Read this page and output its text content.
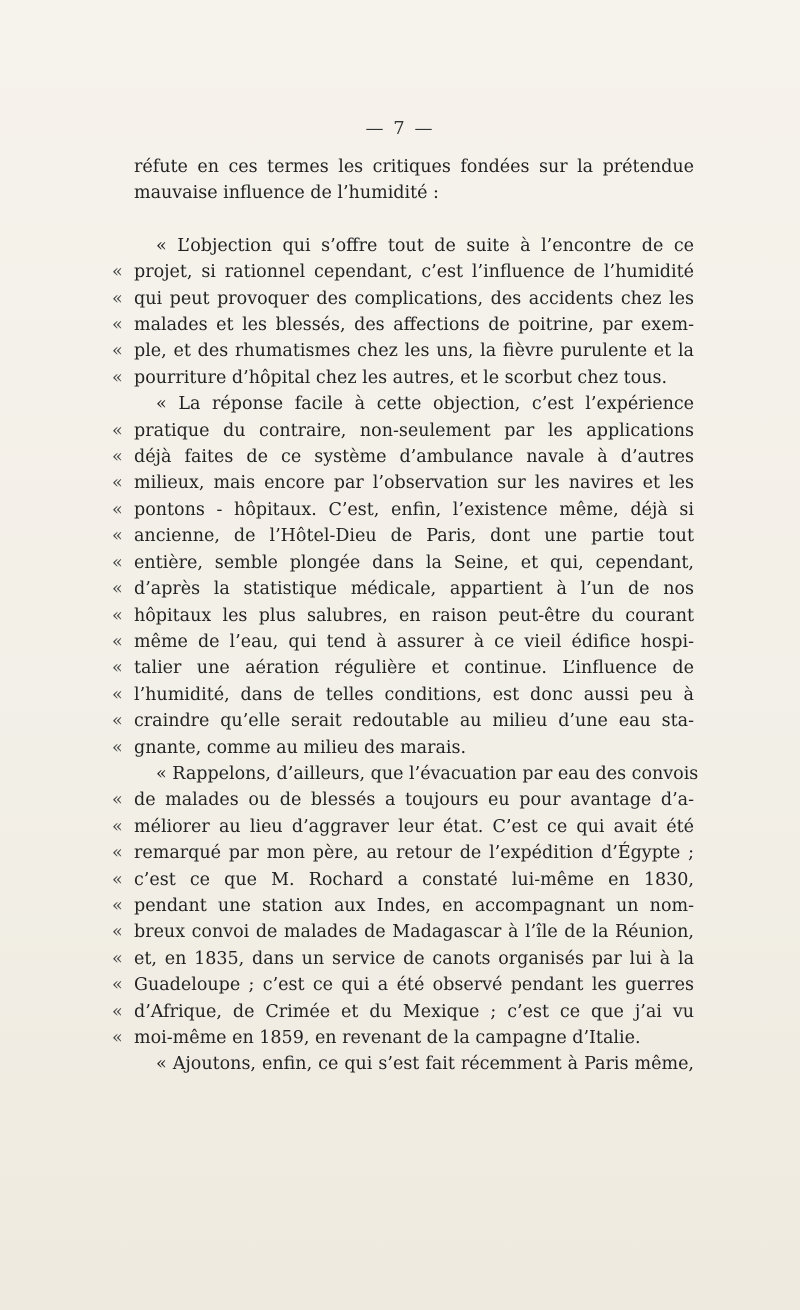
— 7 —
réfute en ces termes les critiques fondées sur la prétendue
mauvaise influence de l’humidité :
« L’objection qui s’offre tout de suite à l’encontre de ce
« projet, si rationnel cependant, c’est l’influence de l’humidité
« qui peut provoquer des complications, des accidents chez les
« malades et les blessés, des affections de poitrine, par exem-
« ple, et des rhumatismes chez les uns, la fièvre purulente et la
« pourriture d’hôpital chez les autres, et le scorbut chez tous.
« La réponse facile à cette objection, c’est l’expérience
« pratique du contraire, non-seulement par les applications
« déjà faites de ce système d’ambulance navale à d’autres
« milieux, mais encore par l’observation sur les navires et les
« pontons - hôpitaux. C’est, enfin, l’existence même, déjà si
« ancienne, de l’Hôtel-Dieu de Paris, dont une partie tout
« entière, semble plongée dans la Seine, et qui, cependant,
« d’après la statistique médicale, appartient à l’un de nos
« hôpitaux les plus salubres, en raison peut-être du courant
« même de l’eau, qui tend à assurer à ce vieil édifice hospi-
« talier une aération régulière et continue. L’influence de
« l’humidité, dans de telles conditions, est donc aussi peu à
« craindre qu’elle serait redoutable au milieu d’une eau sta-
« gnante, comme au milieu des marais.
« Rappelons, d’ailleurs, que l’évacuation par eau des convois
« de malades ou de blessés a toujours eu pour avantage d’a-
« méliorer au lieu d’aggraver leur état. C’est ce qui avait été
« remarqué par mon père, au retour de l’expédition d’Égypte ;
« c’est ce que M. Rochard a constaté lui-même en 1830,
« pendant une station aux Indes, en accompagnant un nom-
« breux convoi de malades de Madagascar à l’île de la Réunion,
« et, en 1835, dans un service de canots organisés par lui à la
« Guadeloupe ; c’est ce qui a été observé pendant les guerres
« d’Afrique, de Crimée et du Mexique ; c’est ce que j’ai vu
« moi-même en 1859, en revenant de la campagne d’Italie.
« Ajoutons, enfin, ce qui s’est fait récemment à Paris même,
